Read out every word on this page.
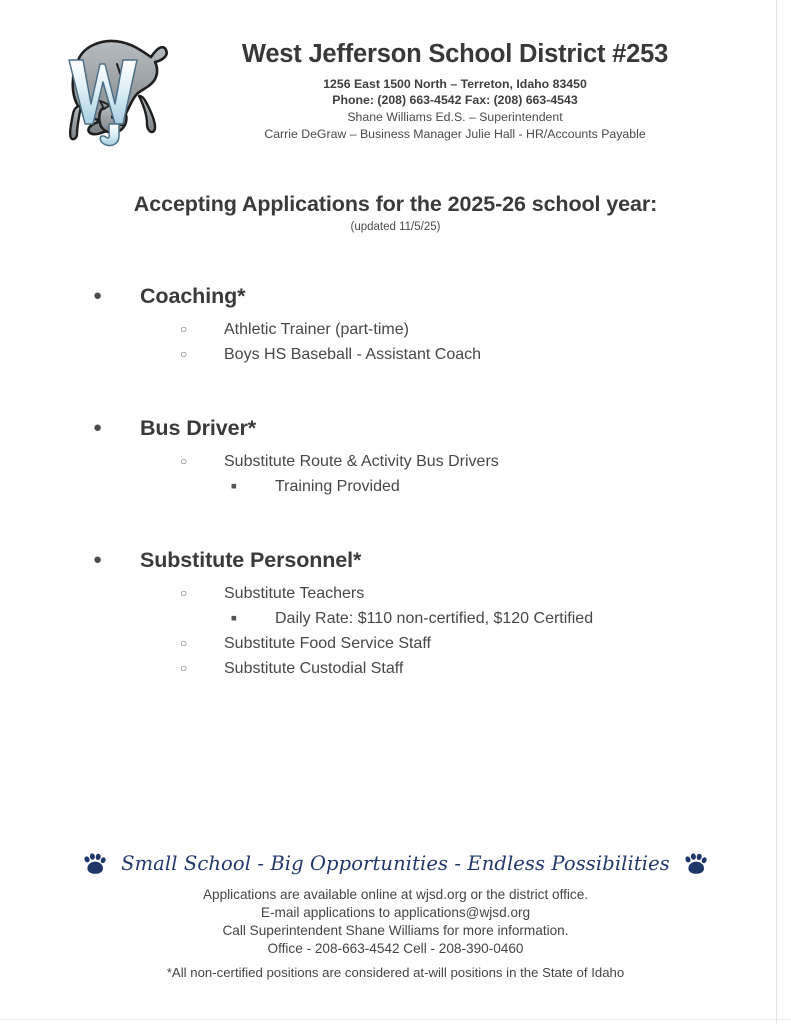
West Jefferson School District #253
1256 East 1500 North – Terreton, Idaho 83450
Phone: (208) 663-4542 Fax: (208) 663-4543
Shane Williams Ed.S. – Superintendent
Carrie DeGraw – Business Manager Julie Hall - HR/Accounts Payable
Accepting Applications for the 2025-26 school year:
(updated 11/5/25)
● Coaching*
○ Athletic Trainer (part-time)
○ Boys HS Baseball - Assistant Coach
● Bus Driver*
○ Substitute Route & Activity Bus Drivers
■ Training Provided
● Substitute Personnel*
○ Substitute Teachers
■ Daily Rate: $110 non-certified, $120 Certified
○ Substitute Food Service Staff
○ Substitute Custodial Staff
Small School - Big Opportunities - Endless Possibilities
Applications are available online at wjsd.org or the district office.
E-mail applications to applications@wjsd.org
Call Superintendent Shane Williams for more information.
Office - 208-663-4542 Cell - 208-390-0460
*All non-certified positions are considered at-will positions in the State of Idaho
